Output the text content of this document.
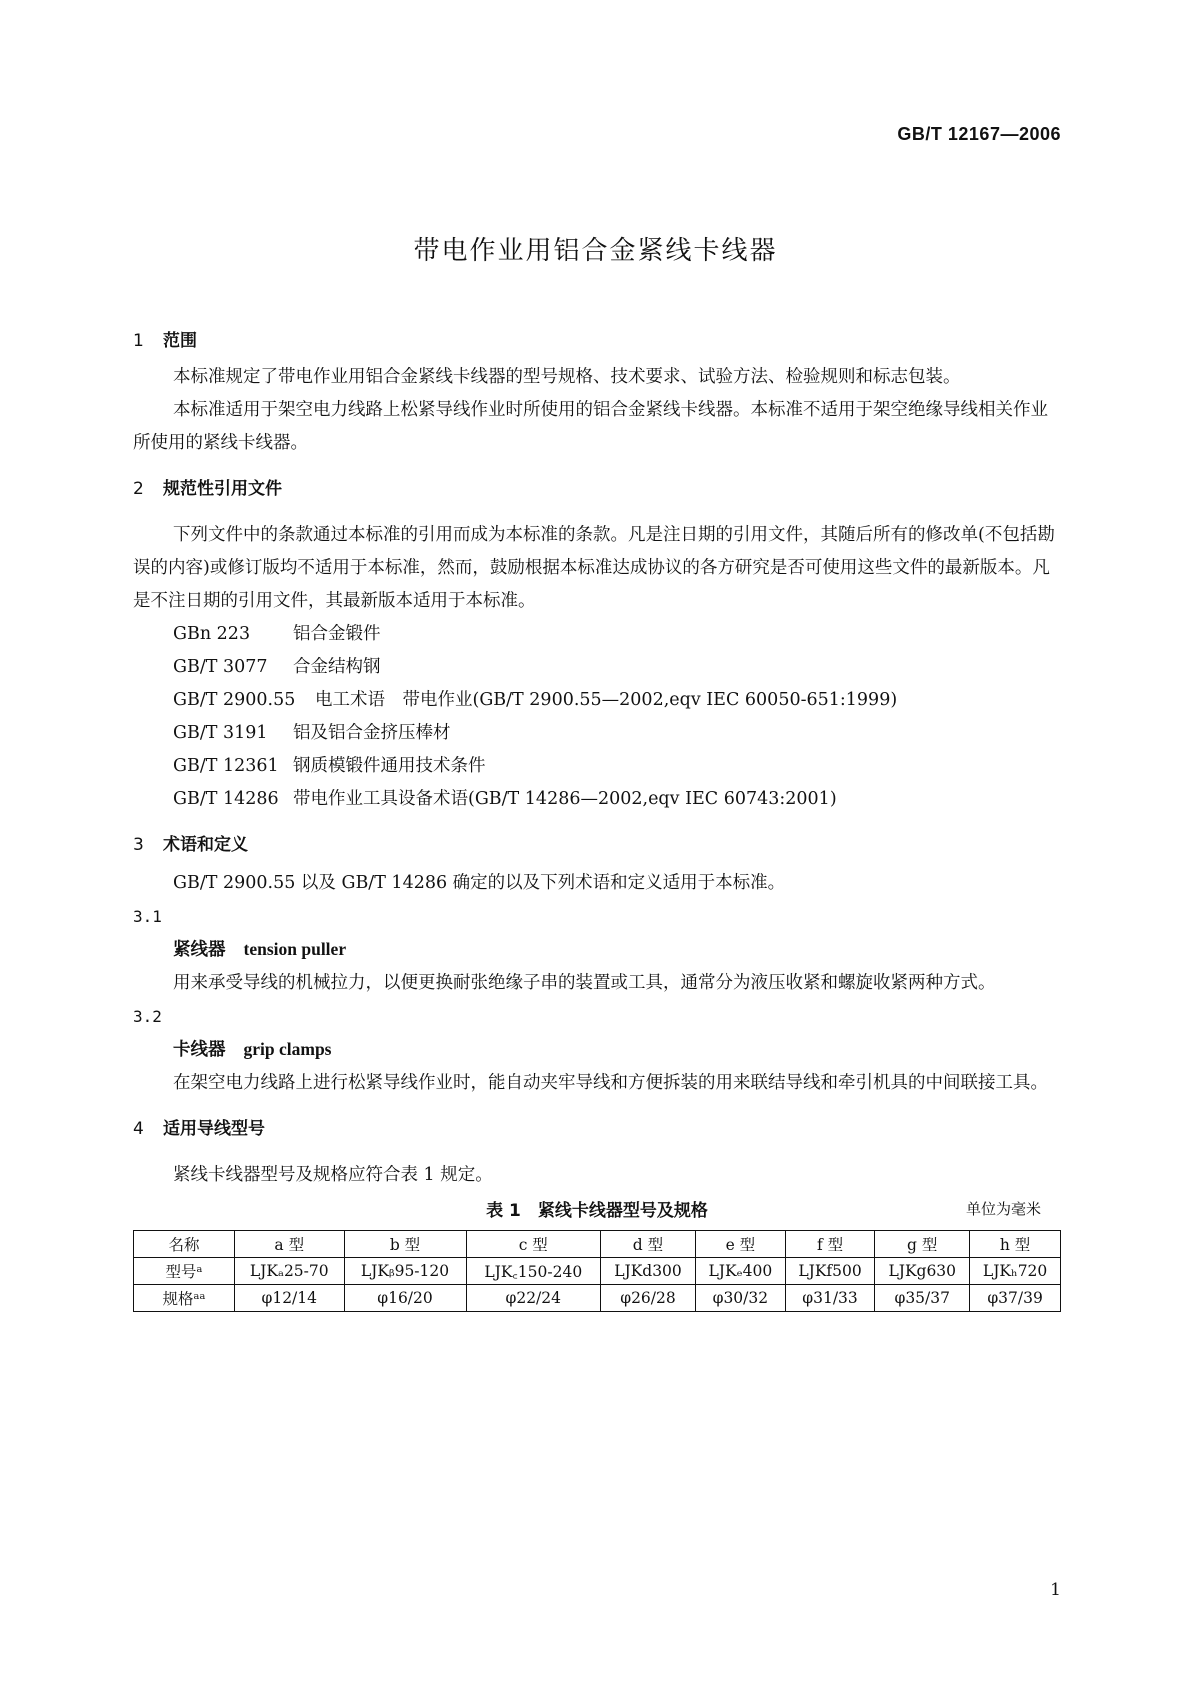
GB/T 12167—2006
带电作业用铝合金紧线卡线器
1 范围

本标准规定了带电作业用铝合金紧线卡线器的型号规格、技术要求、试验方法、检验规则和标志包装。

本标准适用于架空电力线路上松紧导线作业时所使用的铝合金紧线卡线器。本标准不适用于架空绝缘导线相关作业所使用的紧线卡线器。

2 规范性引用文件

下列文件中的条款通过本标准的引用而成为本标准的条款。凡是注日期的引用文件，其随后所有的修改单(不包括勘误的内容)或修订版均不适用于本标准，然而，鼓励根据本标准达成协议的各方研究是否可使用这些文件的最新版本。凡是不注日期的引用文件，其最新版本适用于本标准。

GBn 223 铝合金锻件
GB/T 3077 合金结构钢
GB/T 2900.55 电工术语　带电作业(GB/T 2900.55—2002,eqv IEC 60050-651:1999)
GB/T 3191 铝及铝合金挤压棒材
GB/T 12361 钢质模锻件通用技术条件
GB/T 14286 带电作业工具设备术语(GB/T 14286—2002,eqv IEC 60743:2001)
3 术语和定义

GB/T 2900.55 以及 GB/T 14286 确定的以及下列术语和定义适用于本标准。

3.1
紧线器 tension puller

用来承受导线的机械拉力，以便更换耐张绝缘子串的装置或工具，通常分为液压收紧和螺旋收紧两种方式。

3.2
卡线器 grip clamps

在架空电力线路上进行松紧导线作业时，能自动夹牢导线和方便拆装的用来联结导线和牵引机具的中间联接工具。

4 适用导线型号

紧线卡线器型号及规格应符合表 1 规定。

表 1　紧线卡线器型号及规格	单位为毫米
名称	a 型	b 型	c 型	d 型	e 型	f 型	g 型	h 型
型号ᵃ	LJKₐ25-70	LJKᵦ95-120	LJK꜀150-240	LJKd300	LJKₑ400	LJKf500	LJKg630	LJKₕ720
规格ᵃᵃ	φ12/14	φ16/20	φ22/24	φ26/28	φ30/32	φ31/33	φ35/37	φ37/39
1
